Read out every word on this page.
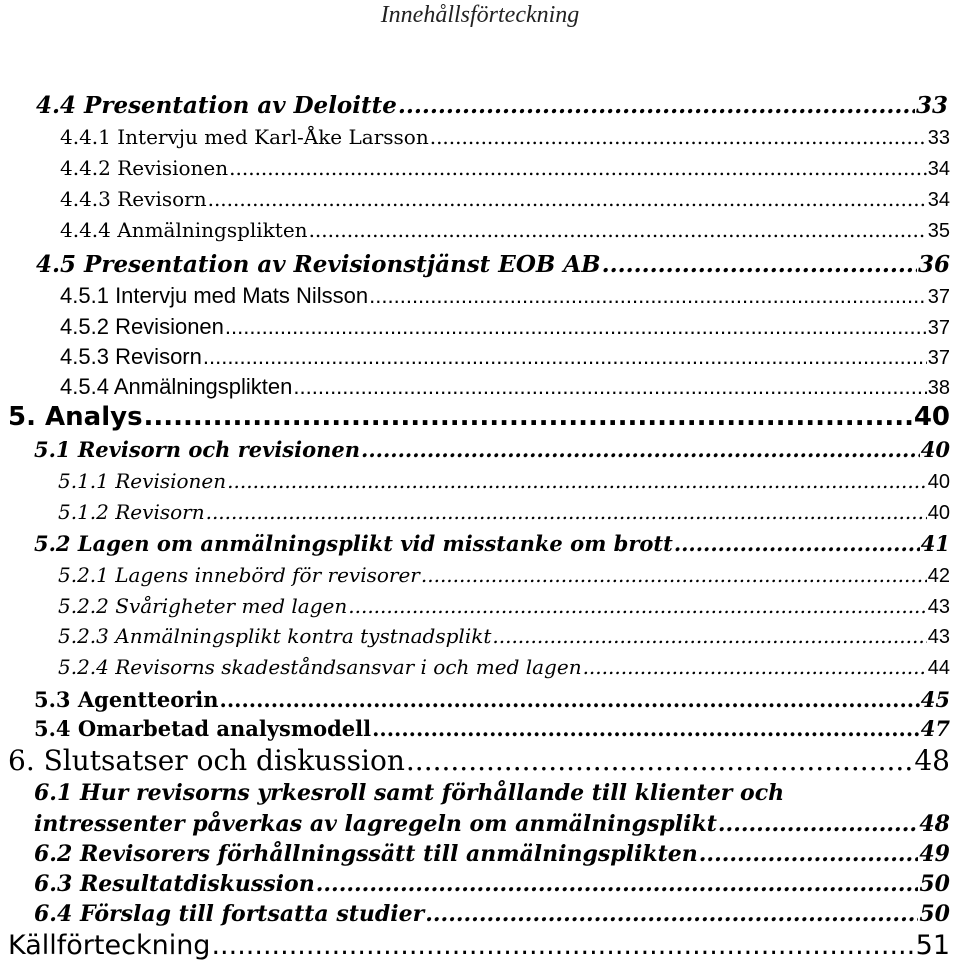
Innehållsförteckning
4.4 Presentation av Deloitte .....	33
4.4.1 Intervju med Karl-Åke Larsson .....	33
4.4.2 Revisionen .....	34
4.4.3 Revisorn .....	34
4.4.4 Anmälningsplikten .....	35
4.5 Presentation av Revisionstjänst EOB AB .....	36
4.5.1 Intervju med Mats Nilsson .....	37
4.5.2 Revisionen .....	37
4.5.3 Revisorn .....	37
4.5.4 Anmälningsplikten .....	38
5. Analys .....	40
5.1 Revisorn och revisionen .....	40
5.1.1 Revisionen .....	40
5.1.2 Revisorn .....	40
5.2 Lagen om anmälningsplikt vid misstanke om brott .....	41
5.2.1 Lagens innebörd för revisorer .....	42
5.2.2 Svårigheter med lagen .....	43
5.2.3 Anmälningsplikt kontra tystnadsplikt .....	43
5.2.4 Revisorns skadeståndsansvar i och med lagen .....	44
5.3 Agentteorin .....	45
5.4 Omarbetad analysmodell .....	47
6. Slutsatser och diskussion .....	48
6.1 Hur revisorns yrkesroll samt förhållande till klienter och
intressenter påverkas av lagregeln om anmälningsplikt .....	48
6.2 Revisorers förhållningssätt till anmälningsplikten .....	49
6.3 Resultatdiskussion .....	50
6.4 Förslag till fortsatta studier .....	50
Källförteckning .....	51
